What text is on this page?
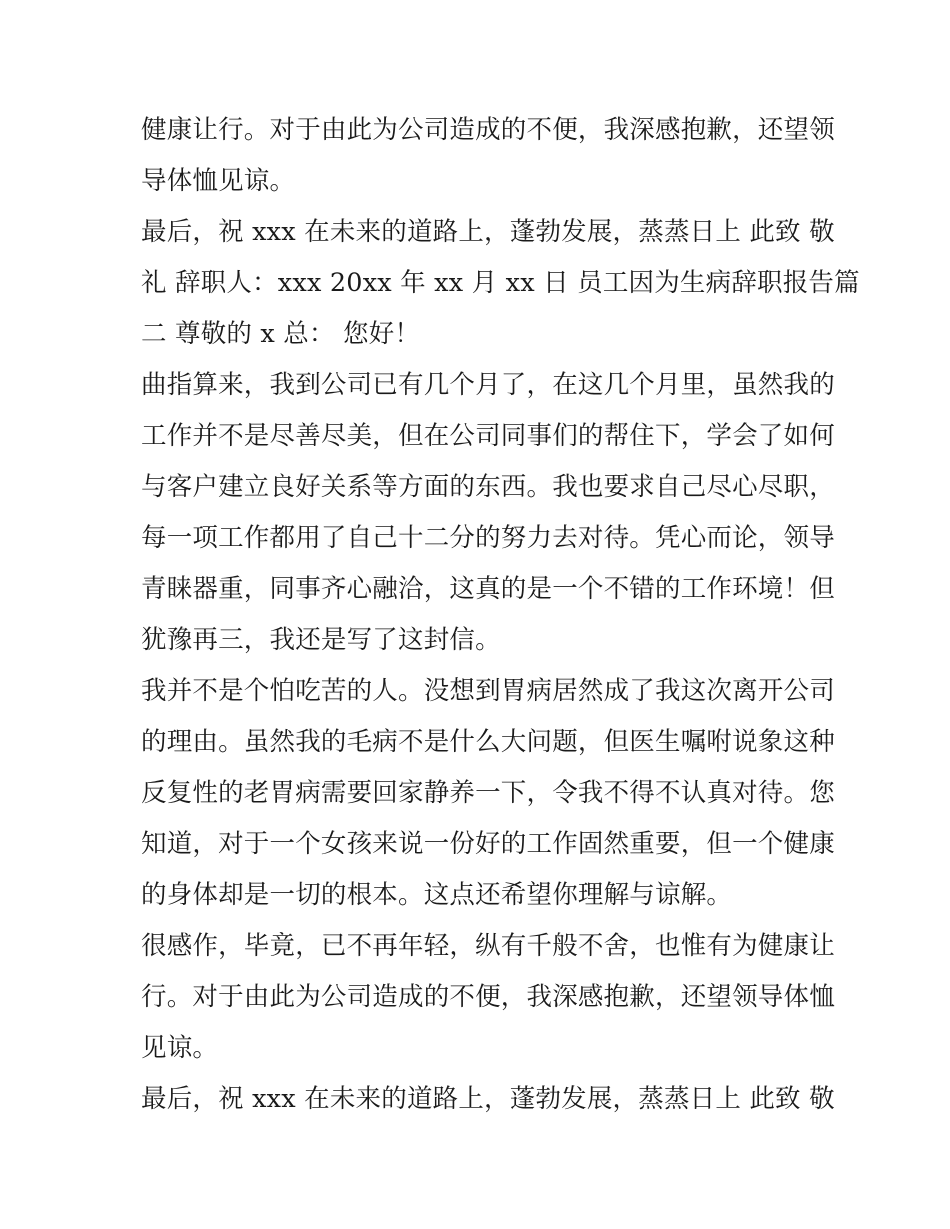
健康让行。对于由此为公司造成的不便，我深感抱歉，还望领
导体恤见谅。
最后，祝 xxx 在未来的道路上，蓬勃发展，蒸蒸日上 此致 敬
礼 辞职人：xxx 20xx 年 xx 月 xx 日 员工因为生病辞职报告篇
二 尊敬的 x 总： 您好！
曲指算来，我到公司已有几个月了，在这几个月里，虽然我的
工作并不是尽善尽美，但在公司同事们的帮住下，学会了如何
与客户建立良好关系等方面的东西。我也要求自己尽心尽职，
每一项工作都用了自己十二分的努力去对待。凭心而论，领导
青睐器重，同事齐心融洽，这真的是一个不错的工作环境！但
犹豫再三，我还是写了这封信。
我并不是个怕吃苦的人。没想到胃病居然成了我这次离开公司
的理由。虽然我的毛病不是什么大问题，但医生嘱咐说象这种
反复性的老胃病需要回家静养一下，令我不得不认真对待。您
知道，对于一个女孩来说一份好的工作固然重要，但一个健康
的身体却是一切的根本。这点还希望你理解与谅解。
很感作，毕竟，已不再年轻，纵有千般不舍，也惟有为健康让
行。对于由此为公司造成的不便，我深感抱歉，还望领导体恤
见谅。
最后，祝 xxx 在未来的道路上，蓬勃发展，蒸蒸日上 此致 敬
